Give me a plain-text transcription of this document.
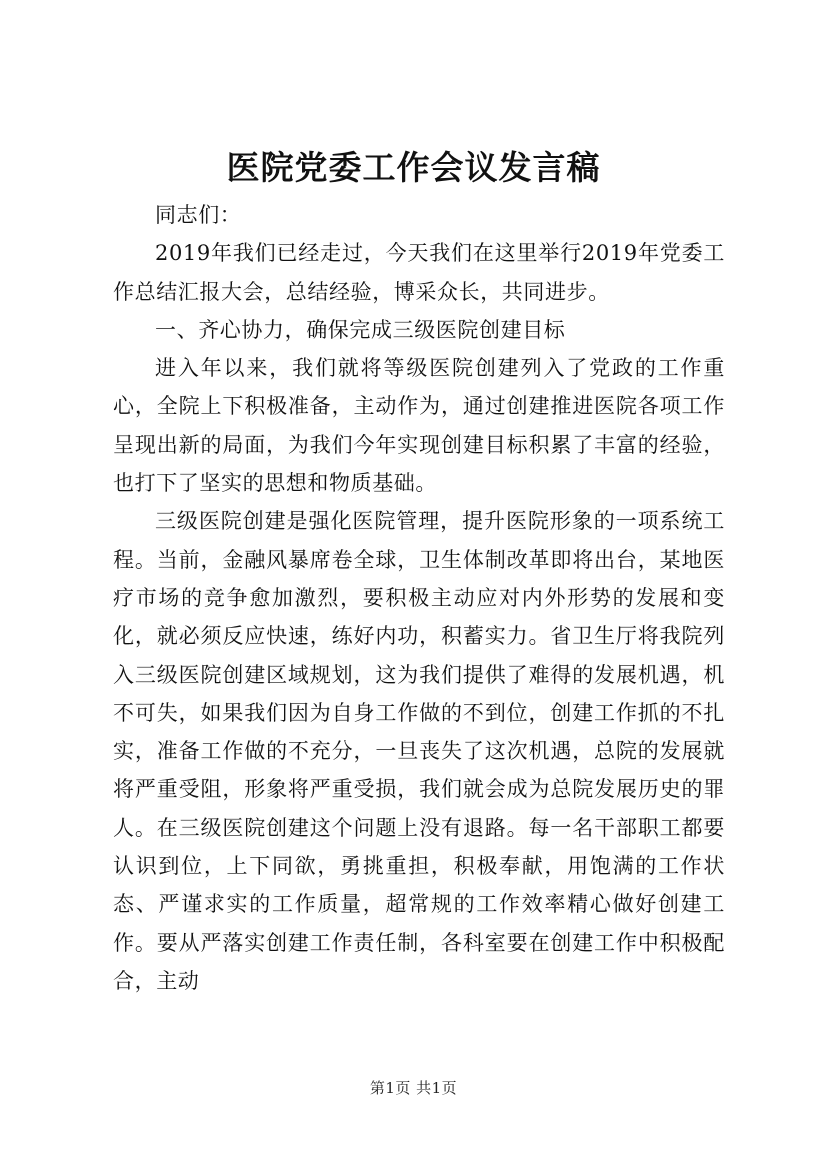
医院党委工作会议发言稿

同志们：

2019年我们已经走过，今天我们在这里举行2019年党委工作总结汇报大会，总结经验，博采众长，共同进步。

一、齐心协力，确保完成三级医院创建目标

进入年以来，我们就将等级医院创建列入了党政的工作重心，全院上下积极准备，主动作为，通过创建推进医院各项工作呈现出新的局面，为我们今年实现创建目标积累了丰富的经验，也打下了坚实的思想和物质基础。

三级医院创建是强化医院管理，提升医院形象的一项系统工程。当前，金融风暴席卷全球，卫生体制改革即将出台，某地医疗市场的竞争愈加激烈，要积极主动应对内外形势的发展和变化，就必须反应快速，练好内功，积蓄实力。省卫生厅将我院列入三级医院创建区域规划，这为我们提供了难得的发展机遇，机不可失，如果我们因为自身工作做的不到位，创建工作抓的不扎实，准备工作做的不充分，一旦丧失了这次机遇，总院的发展就将严重受阻，形象将严重受损，我们就会成为总院发展历史的罪人。在三级医院创建这个问题上没有退路。每一名干部职工都要认识到位，上下同欲，勇挑重担，积极奉献，用饱满的工作状态、严谨求实的工作质量，超常规的工作效率精心做好创建工作。要从严落实创建工作责任制，各科室要在创建工作中积极配合，主动

第1页 共1页
